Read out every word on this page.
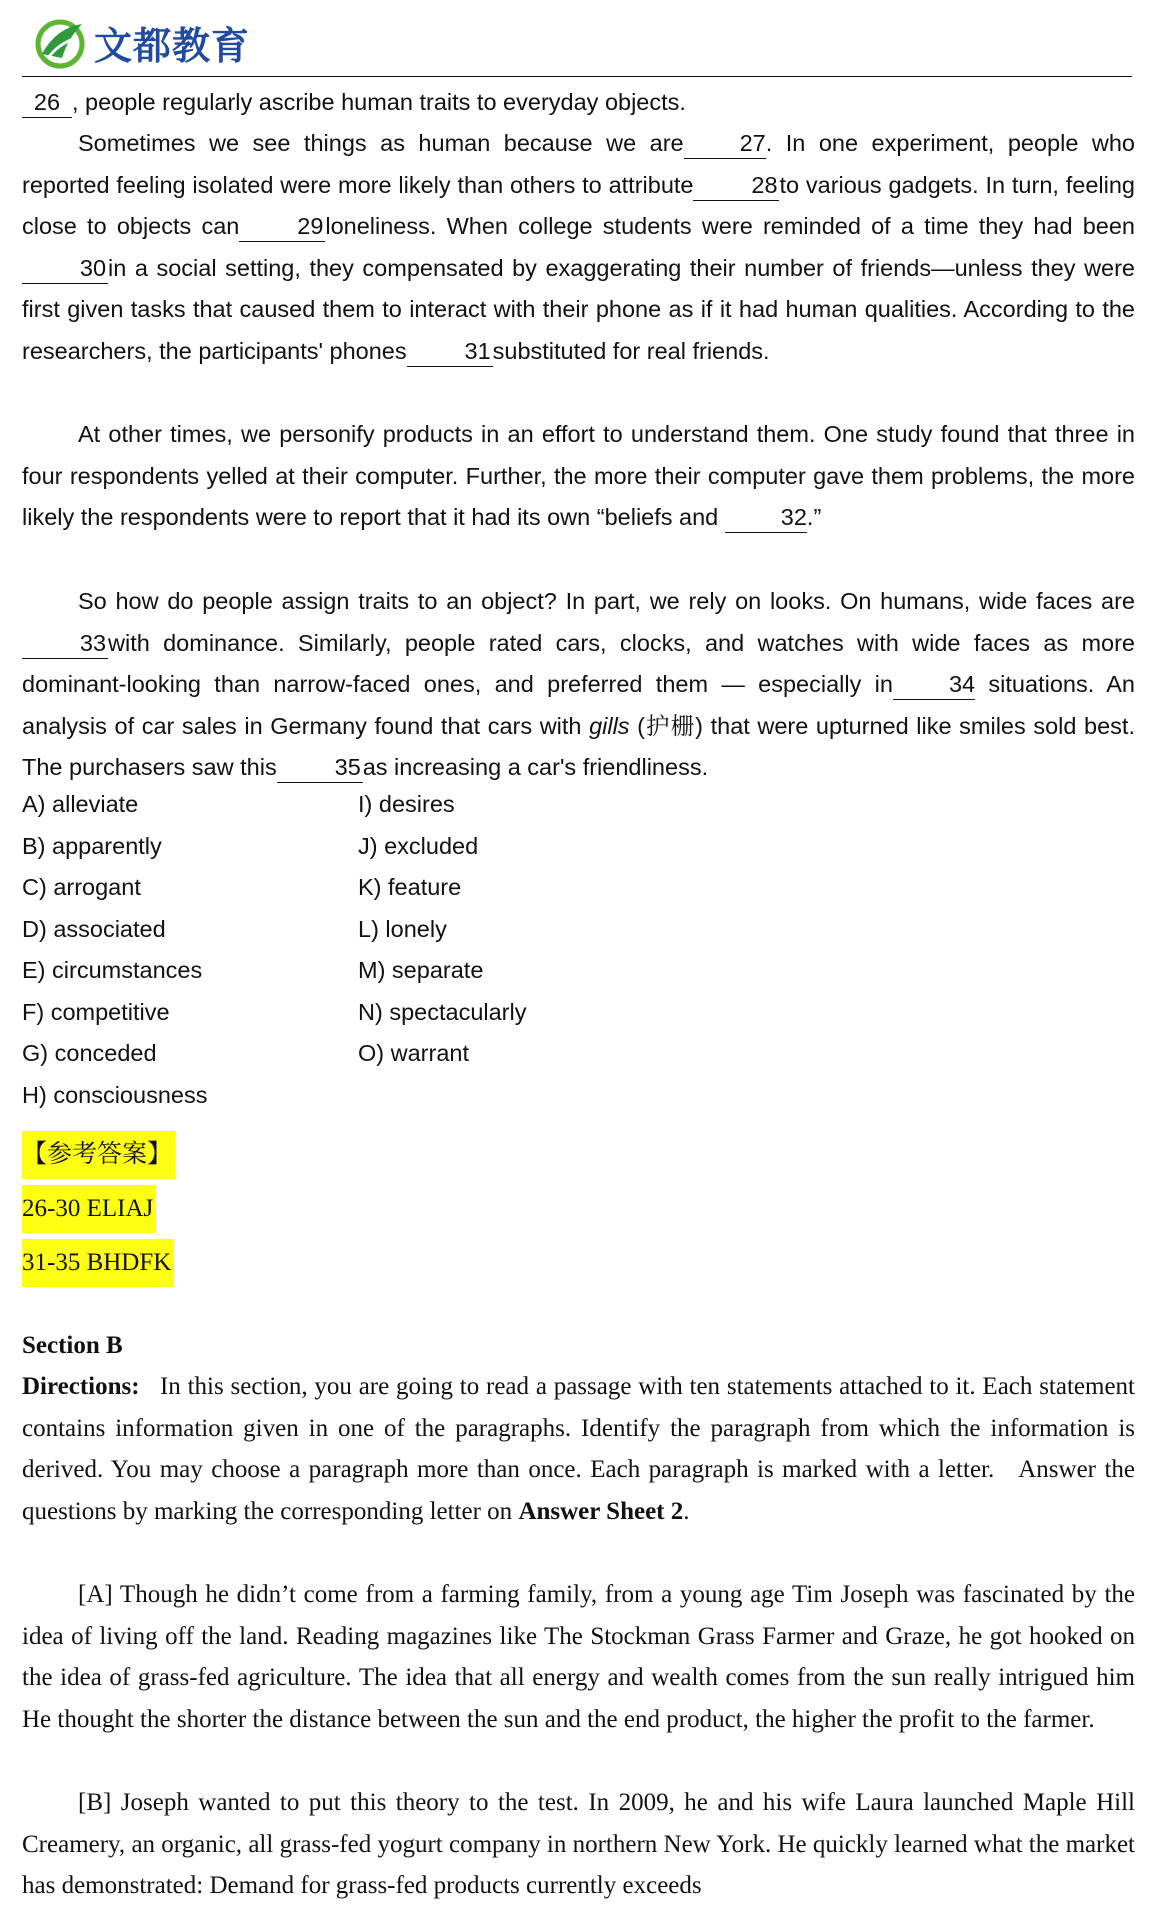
文都教育

26 , people regularly ascribe human traits to everyday objects.

Sometimes we see things as human because we are 27. In one experiment, people who reported feeling isolated were more likely than others to attribute 28to various gadgets. In turn, feeling close to objects can 29loneliness. When college students were reminded of a time they had been30in a social setting, they compensated by exaggerating their number of friends—unless they were first given tasks that caused them to interact with their phone as if it had human qualities. According to the researchers, the participants' phones 31substituted for real friends.

At other times, we personify products in an effort to understand them. One study found that three in four respondents yelled at their computer. Further, the more their computer gave them problems, the more likely the respondents were to report that it had its own “beliefs and 32.”

So how do people assign traits to an object? In part, we rely on looks. On humans, wide faces are33with dominance. Similarly, people rated cars, clocks, and watches with wide faces as more dominant-looking than narrow-faced ones, and preferred them — especially in 34 situations. An analysis of car sales in Germany found that cars with gills (护栅) that were upturned like smiles sold best. The purchasers saw this 35as increasing a car's friendliness.

A) alleviate
B) apparently
C) arrogant
D) associated
E) circumstances
F) competitive
G) conceded
H) consciousness
I) desires
J) excluded
K) feature
L) lonely
M) separate
N) spectacularly
O) warrant
【参考答案】
26-30 ELIAJ
31-35 BHDFK

Section B

Directions: In this section, you are going to read a passage with ten statements attached to it. Each statement contains information given in one of the paragraphs. Identify the paragraph from which the information is derived. You may choose a paragraph more than once. Each paragraph is marked with a letter. Answer the questions by marking the corresponding letter on Answer Sheet 2.

[A] Though he didn’t come from a farming family, from a young age Tim Joseph was fascinated by the idea of living off the land. Reading magazines like The Stockman Grass Farmer and Graze, he got hooked on the idea of grass-fed agriculture. The idea that all energy and wealth comes from the sun really intrigued him He thought the shorter the distance between the sun and the end product, the higher the profit to the farmer.

[B] Joseph wanted to put this theory to the test. In 2009, he and his wife Laura launched Maple Hill Creamery, an organic, all grass-fed yogurt company in northern New York. He quickly learned what the market has demonstrated: Demand for grass-fed products currently exceeds
